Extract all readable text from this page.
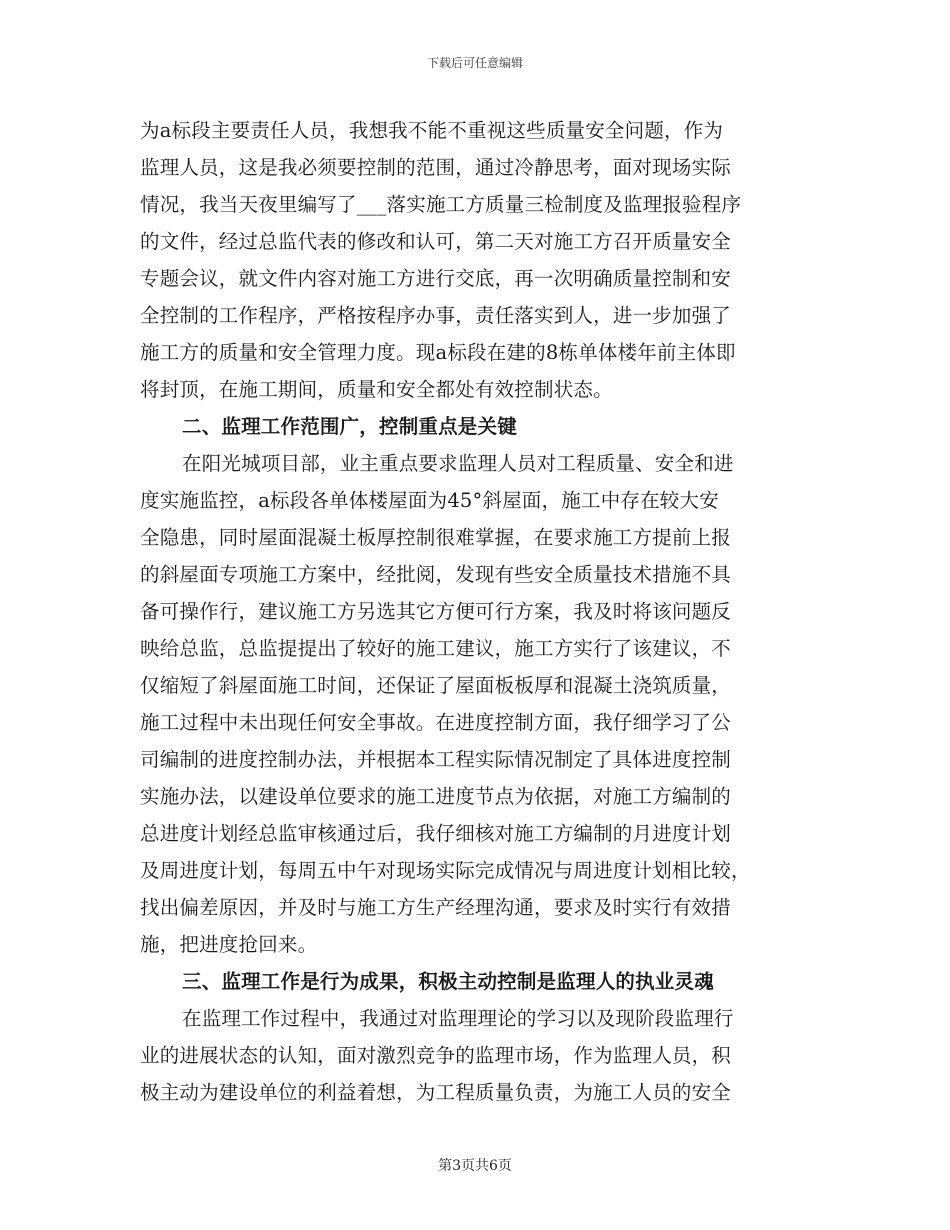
下载后可任意编辑
为a标段主要责任人员，我想我不能不重视这些质量安全问题，作为
监理人员，这是我必须要控制的范围，通过冷静思考，面对现场实际
情况，我当天夜里编写了___落实施工方质量三检制度及监理报验程序
的文件，经过总监代表的修改和认可，第二天对施工方召开质量安全
专题会议，就文件内容对施工方进行交底，再一次明确质量控制和安
全控制的工作程序，严格按程序办事，责任落实到人，进一步加强了
施工方的质量和安全管理力度。现a标段在建的8栋单体楼年前主体即
将封顶，在施工期间，质量和安全都处有效控制状态。
二、监理工作范围广，控制重点是关键
在阳光城项目部，业主重点要求监理人员对工程质量、安全和进
度实施监控，a标段各单体楼屋面为45°斜屋面，施工中存在较大安
全隐患，同时屋面混凝土板厚控制很难掌握，在要求施工方提前上报
的斜屋面专项施工方案中，经批阅，发现有些安全质量技术措施不具
备可操作行，建议施工方另选其它方便可行方案，我及时将该问题反
映给总监，总监提提出了较好的施工建议，施工方实行了该建议，不
仅缩短了斜屋面施工时间，还保证了屋面板板厚和混凝土浇筑质量，
施工过程中未出现任何安全事故。在进度控制方面，我仔细学习了公
司编制的进度控制办法，并根据本工程实际情况制定了具体进度控制
实施办法，以建设单位要求的施工进度节点为依据，对施工方编制的
总进度计划经总监审核通过后，我仔细核对施工方编制的月进度计划
及周进度计划，每周五中午对现场实际完成情况与周进度计划相比较，
找出偏差原因，并及时与施工方生产经理沟通，要求及时实行有效措
施，把进度抢回来。
三、监理工作是行为成果，积极主动控制是监理人的执业灵魂
在监理工作过程中，我通过对监理理论的学习以及现阶段监理行
业的进展状态的认知，面对激烈竞争的监理市场，作为监理人员，积
极主动为建设单位的利益着想，为工程质量负责，为施工人员的安全
第3页共6页
